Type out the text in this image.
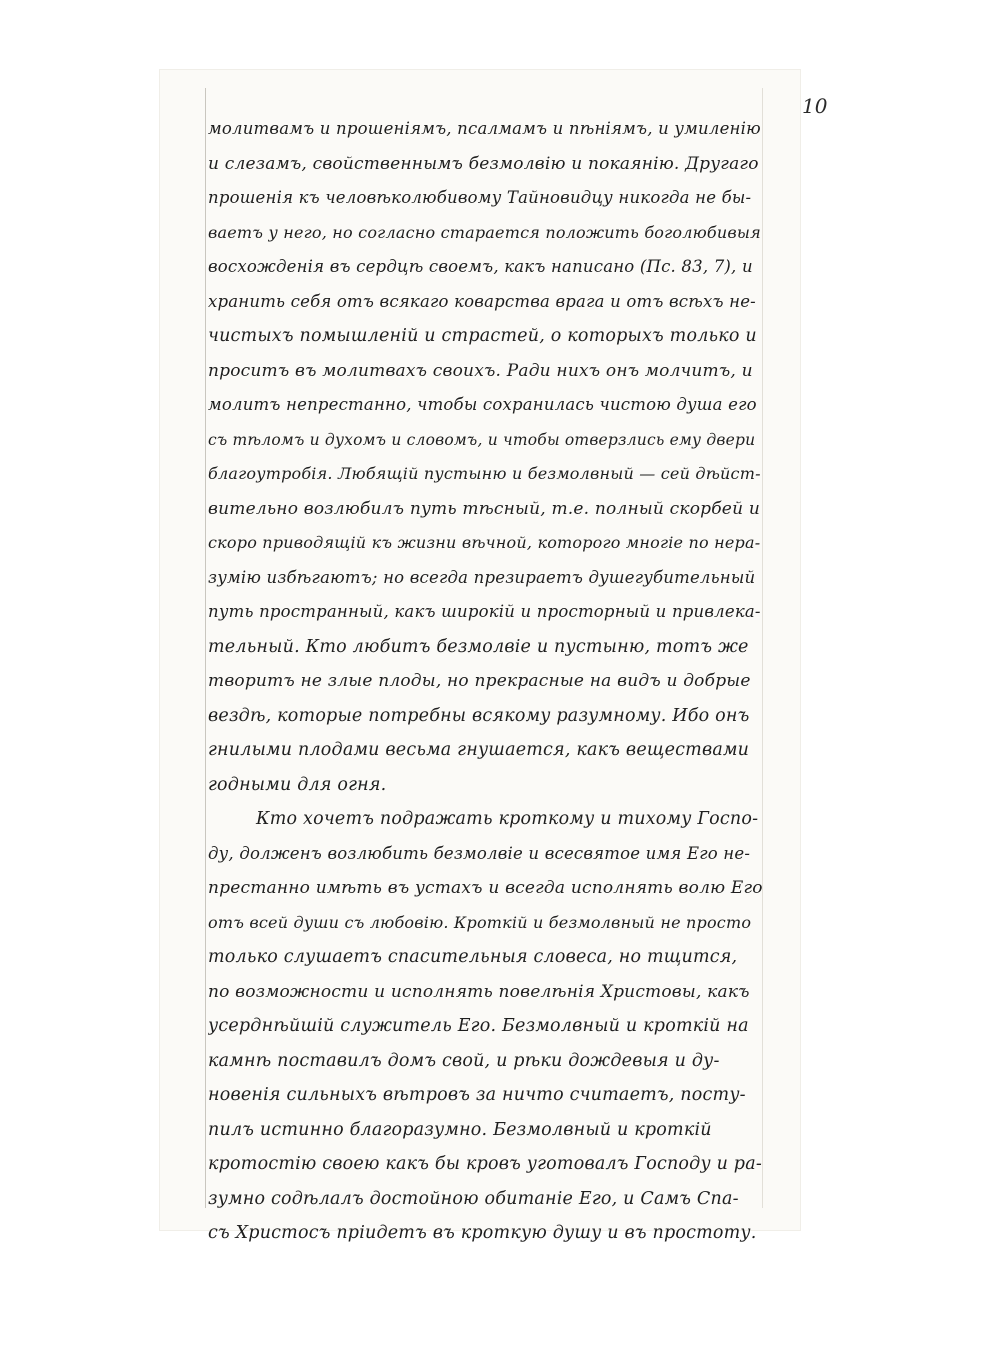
10
молитвамъ и прошеніямъ, псалмамъ и пѣніямъ, и умиленію
и слезамъ, свойственнымъ безмолвію и покаянію. Другаго
прошенія къ человѣколюбивому Тайновидцу никогда не бы-
ваетъ у него, но согласно старается положить боголюбивыя
восхожденія въ сердцѣ своемъ, какъ написано (Пс. 83, 7), и
хранить себя отъ всякаго коварства врага и отъ всѣхъ не-
чистыхъ помышленій и страстей, о которыхъ только и
проситъ въ молитвахъ своихъ. Ради нихъ онъ молчитъ, и
молитъ непрестанно, чтобы сохранилась чистою душа его
съ тѣломъ и духомъ и словомъ, и чтобы отверзлись ему двери
благоутробія. Любящій пустыню и безмолвный — сей дѣйст-
вительно возлюбилъ путь тѣсный, т.е. полный скорбей и
скоро приводящій къ жизни вѣчной, которого многіе по нера-
зумію избѣгаютъ; но всегда презираетъ душегубительный
путь пространный, какъ широкій и просторный и привлека-
тельный. Кто любитъ безмолвіе и пустыню, тотъ же
творитъ не злые плоды, но прекрасные на видъ и добрые
вездѣ, которые потребны всякому разумному. Ибо онъ
гнилыми плодами весьма гнушается, какъ веществами
годными для огня.
Кто хочетъ подражать кроткому и тихому Госпо-
ду, долженъ возлюбить безмолвіе и всесвятое имя Его не-
престанно имѣть въ устахъ и всегда исполнять волю Его
отъ всей души съ любовію. Кроткій и безмолвный не просто
только слушаетъ спасительныя словеса, но тщится,
по возможности и исполнять повелѣнія Христовы, какъ
усерднѣйшій служитель Его. Безмолвный и кроткій на
камнѣ поставилъ домъ свой, и рѣки дождевыя и ду-
новенія сильныхъ вѣтровъ за ничто считаетъ, посту-
пилъ истинно благоразумно. Безмолвный и кроткій
кротостію своею какъ бы кровъ уготовалъ Господу и ра-
зумно содѣлалъ достойною обитаніе Его, и Самъ Спа-
съ Христосъ пріидетъ въ кроткую душу и въ простоту.
